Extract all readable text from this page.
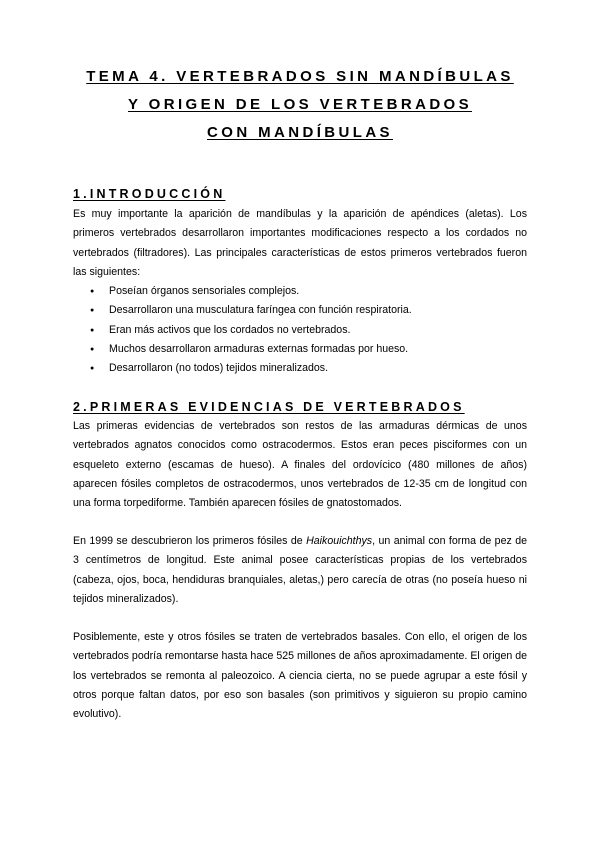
TEMA 4. VERTEBRADOS SIN MANDÍBULAS
Y ORIGEN DE LOS VERTEBRADOS
CON MANDÍBULAS
1.INTRODUCCIÓN

Es muy importante la aparición de mandíbulas y la aparición de apéndices (aletas). Los primeros vertebrados desarrollaron importantes modificaciones respecto a los cordados no vertebrados (filtradores). Las principales características de estos primeros vertebrados fueron las siguientes:

● Poseían órganos sensoriales complejos.
● Desarrollaron una musculatura faríngea con función respiratoria.
● Eran más activos que los cordados no vertebrados.
● Muchos desarrollaron armaduras externas formadas por hueso.
● Desarrollaron (no todos) tejidos mineralizados.
2.PRIMERAS EVIDENCIAS DE VERTEBRADOS

Las primeras evidencias de vertebrados son restos de las armaduras dérmicas de unos vertebrados agnatos conocidos como ostracodermos. Estos eran peces pisciformes con un esqueleto externo (escamas de hueso). A finales del ordovícico (480 millones de años) aparecen fósiles completos de ostracodermos, unos vertebrados de 12-35 cm de longitud con una forma torpediforme. También aparecen fósiles de gnatostomados.

En 1999 se descubrieron los primeros fósiles de Haikouichthys, un animal con forma de pez de 3 centímetros de longitud. Este animal posee características propias de los vertebrados (cabeza, ojos, boca, hendiduras branquiales, aletas,) pero carecía de otras (no poseía hueso ni tejidos mineralizados).

Posiblemente, este y otros fósiles se traten de vertebrados basales. Con ello, el origen de los vertebrados podría remontarse hasta hace 525 millones de años aproximadamente. El origen de los vertebrados se remonta al paleozoico. A ciencia cierta, no se puede agrupar a este fósil y otros porque faltan datos, por eso son basales (son primitivos y siguieron su propio camino evolutivo).
